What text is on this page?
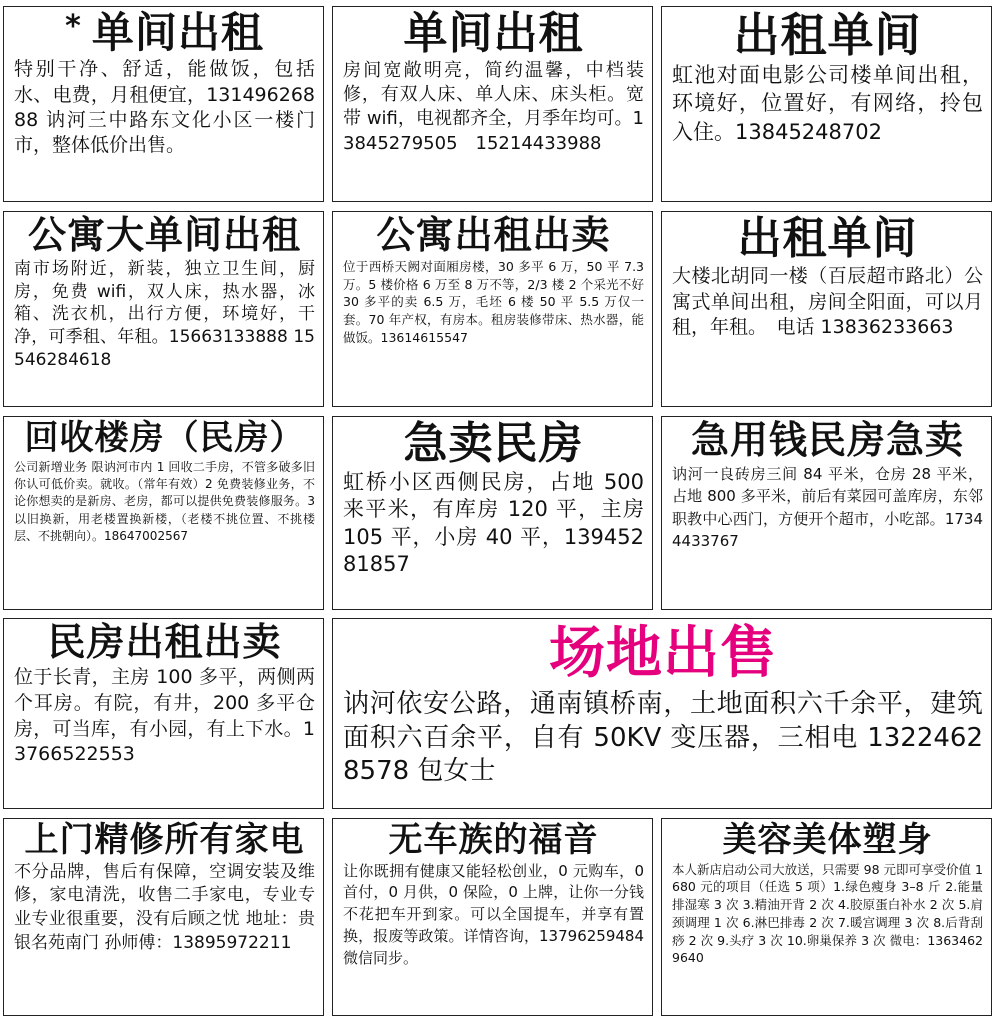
* 单间出租

特别干净、舒适，能做饭，包括水、电费，月租便宜，13149626888 讷河三中路东文化小区一楼门市，整体低价出售。

单间出租

房间宽敞明亮，简约温馨，中档装修，有双人床、单人床、床头柜。宽带 wifi，电视都齐全，月季年均可。13845279505　15214433988

出租单间

虹池对面电影公司楼单间出租，环境好，位置好，有网络，拎包入住。13845248702

公寓大单间出租

南市场附近，新装，独立卫生间，厨房，免费 wifi，双人床，热水器，冰箱、洗衣机，出行方便，环境好，干净，可季租、年租。15663133888 15546284618

公寓出租出卖

位于西桥天阙对面厢房楼，30 多平 6 万，50 平 7.3 万。5 楼价格 6 万至 8 万不等，2/3 楼 2 个采光不好 30 多平的卖 6.5 万，毛坯 6 楼 50 平 5.5 万仅一套。70 年产权，有房本。租房装修带床、热水器，能做饭。13614615547

出租单间

大楼北胡同一楼（百辰超市路北）公寓式单间出租，房间全阳面，可以月租，年租。　电话 13836233663

回收楼房（民房）

公司新增业务 限讷河市内 1 回收二手房，不管多破多旧 你认可低价卖。就收。（常年有效）2 免费装修业务，不论你想卖的是新房、老房，都可以提供免费装修服务。3 以旧换新，用老楼置换新楼，（老楼不挑位置、不挑楼层、不挑朝向）。18647002567

急卖民房

虹桥小区西侧民房，占地 500 来平米，有库房 120 平，主房 105 平，小房 40 平，13945281857

急用钱民房急卖

讷河一良砖房三间 84 平米，仓房 28 平米，占地 800 多平米，前后有菜园可盖库房，东邻职教中心西门，方便开个超市，小吃部。17344433767

民房出租出卖

位于长青，主房 100 多平，两侧两个耳房。有院，有井，200 多平仓房，可当库，有小园，有上下水。13766522553

场地出售

讷河依安公路，通南镇桥南，土地面积六千余平，建筑面积六百余平，自有 50KV 变压器，三相电 13224628578 包女士

上门精修所有家电

不分品牌，售后有保障，空调安装及维修，家电清洗，收售二手家电，专业专业专业很重要，没有后顾之忧 地址：贵银名苑南门 孙师傅：13895972211

无车族的福音

让你既拥有健康又能轻松创业，0 元购车，0 首付，0 月供，0 保险，0 上牌，让你一分钱不花把车开到家。可以全国提车，并享有置换，报废等政策。详情咨询，13796259484 微信同步。

美容美体塑身

本人新店启动公司大放送，只需要 98 元即可享受价值 1680 元的项目（任选 5 项）1.绿色瘦身 3–8 斤 2.能量排湿寒 3 次 3.精油开背 2 次 4.胶原蛋白补水 2 次 5.肩颈调理 1 次 6.淋巴排毒 2 次 7.暖宫调理 3 次 8.后背刮痧 2 次 9.头疗 3 次 10.卵巢保养 3 次 微电：13634629640
